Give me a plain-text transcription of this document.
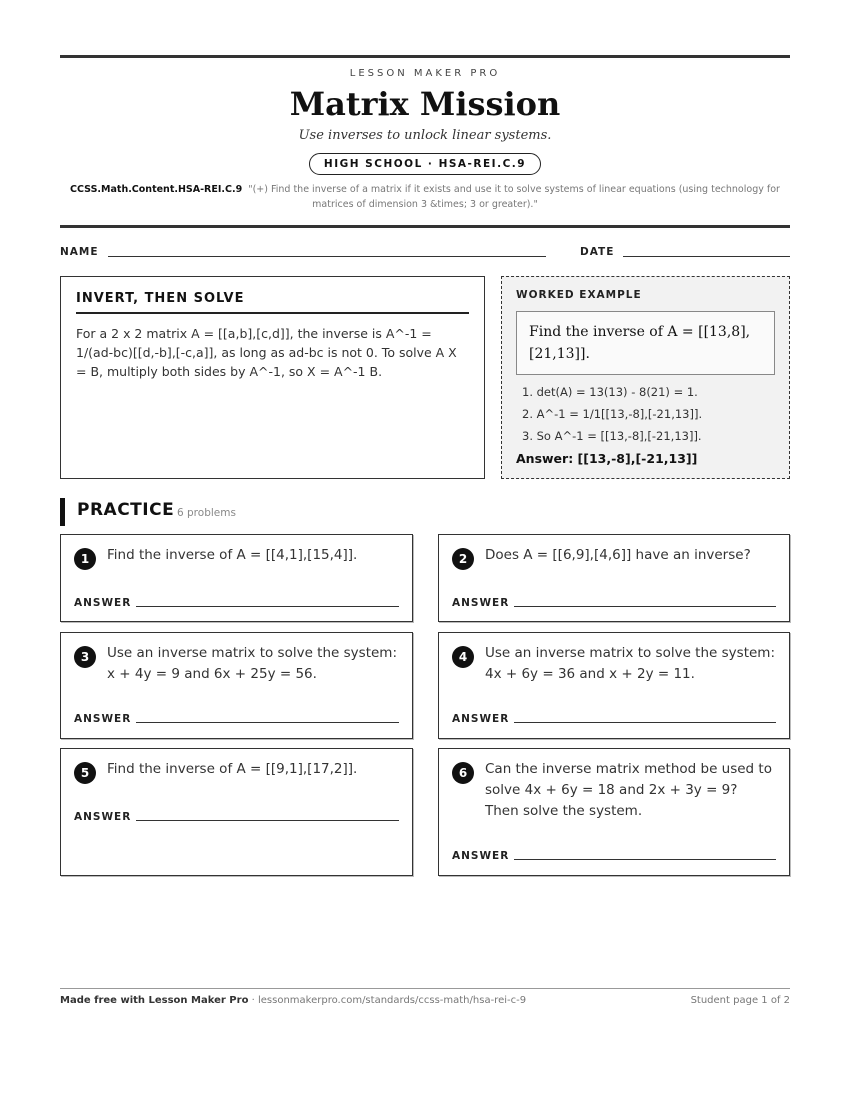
LESSON MAKER PRO
Matrix Mission
Use inverses to unlock linear systems.
HIGH SCHOOL · HSA-REI.C.9
CCSS.Math.Content.HSA-REI.C.9 "(+) Find the inverse of a matrix if it exists and use it to solve systems of linear equations (using technology for matrices of dimension 3 &times; 3 or greater)."
NAME	DATE
INVERT, THEN SOLVE
For a 2 x 2 matrix A = [[a,b],[c,d]], the inverse is A^-1 = 1/(ad-bc)[[d,-b],[-c,a]], as long as ad-bc is not 0. To solve A X = B, multiply both sides by A^-1, so X = A^-1 B.
WORKED EXAMPLE
Find the inverse of A = [[13,8],[21,13]].
1. det(A) = 13(13) - 8(21) = 1.
2. A^-1 = 1/1[[13,-8],[-21,13]].
3. So A^-1 = [[13,-8],[-21,13]].
Answer: [[13,-8],[-21,13]]
PRACTICE 6 problems
1	Find the inverse of A = [[4,1],[15,4]].
ANSWER
2	Does A = [[6,9],[4,6]] have an inverse?
ANSWER
3	Use an inverse matrix to solve the system: x + 4y = 9 and 6x + 25y = 56.
ANSWER
4	Use an inverse matrix to solve the system: 4x + 6y = 36 and x + 2y = 11.
ANSWER
5	Find the inverse of A = [[9,1],[17,2]].
ANSWER
6	Can the inverse matrix method be used to solve 4x + 6y = 18 and 2x + 3y = 9? Then solve the system.
ANSWER
Made free with Lesson Maker Pro · lessonmakerpro.com/standards/ccss-math/hsa-rei-c-9	Student page 1 of 2
